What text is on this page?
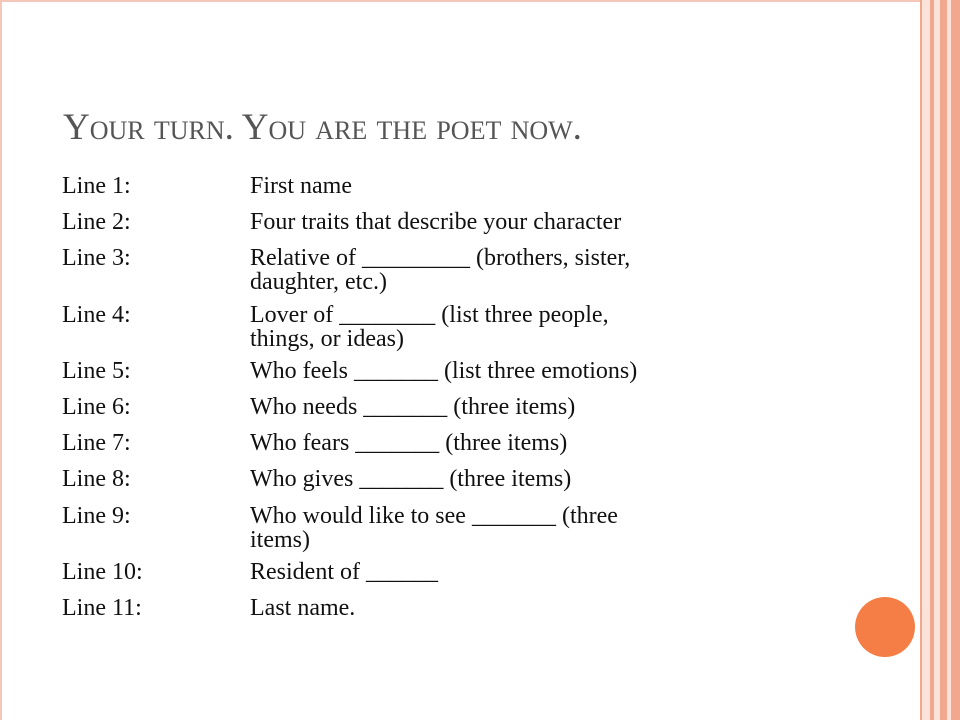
Your turn. You are the poet now.
Line 1:	First name
Line 2:	Four traits that describe your character
Line 3:	Relative of _________ (brothers, sister,
daughter, etc.)
Line 4:	Lover of ________ (list three people,
things, or ideas)
Line 5:	Who feels _______ (list three emotions)
Line 6:	Who needs _______ (three items)
Line 7:	Who fears _______ (three items)
Line 8:	Who gives _______ (three items)
Line 9:	Who would like to see _______ (three
items)
Line 10:	Resident of ______
Line 11:	Last name.
